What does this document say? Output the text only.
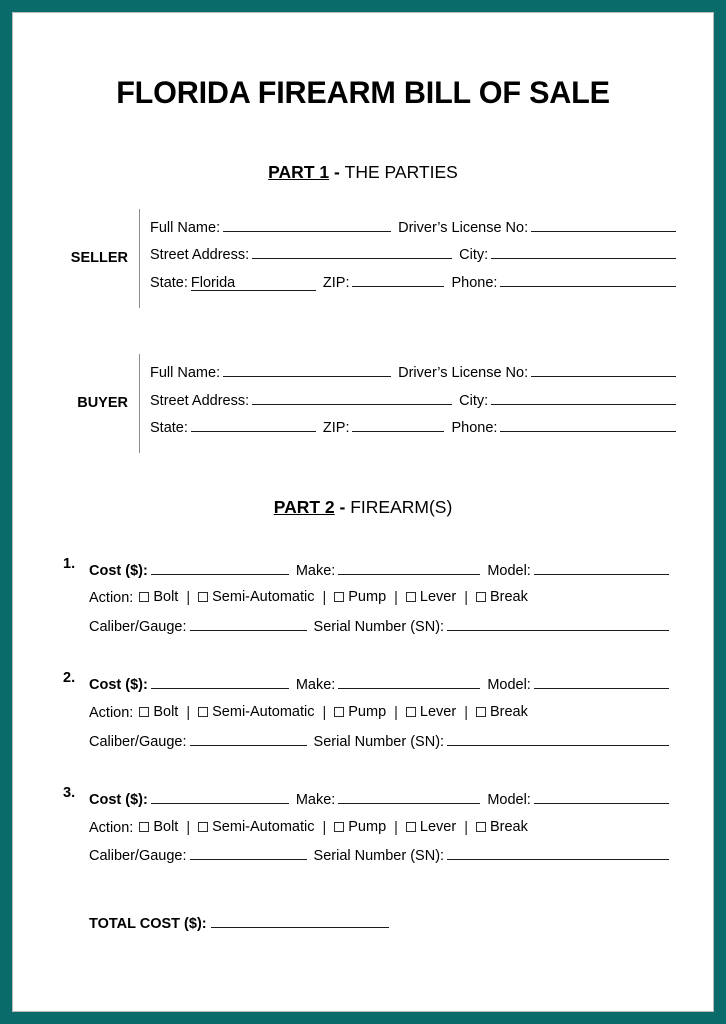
FLORIDA FIREARM BILL OF SALE
PART 1 - THE PARTIES
SELLER
Full Name:	Driver’s License No:
Street Address:	City:
State: Florida	ZIP:	Phone:
BUYER
Full Name:	Driver’s License No:
Street Address:	City:
State:	ZIP:	Phone:
PART 2 - FIREARM(S)
1. Cost ($):	Make:	Model:
Action:	Bolt |	Semi-Automatic |	Pump |	Lever |	Break
Caliber/Gauge:	Serial Number (SN):
2. Cost ($):	Make:	Model:
Action:	Bolt |	Semi-Automatic |	Pump |	Lever |	Break
Caliber/Gauge:	Serial Number (SN):
3. Cost ($):	Make:	Model:
Action:	Bolt |	Semi-Automatic |	Pump |	Lever |	Break
Caliber/Gauge:	Serial Number (SN):
TOTAL COST ($):
